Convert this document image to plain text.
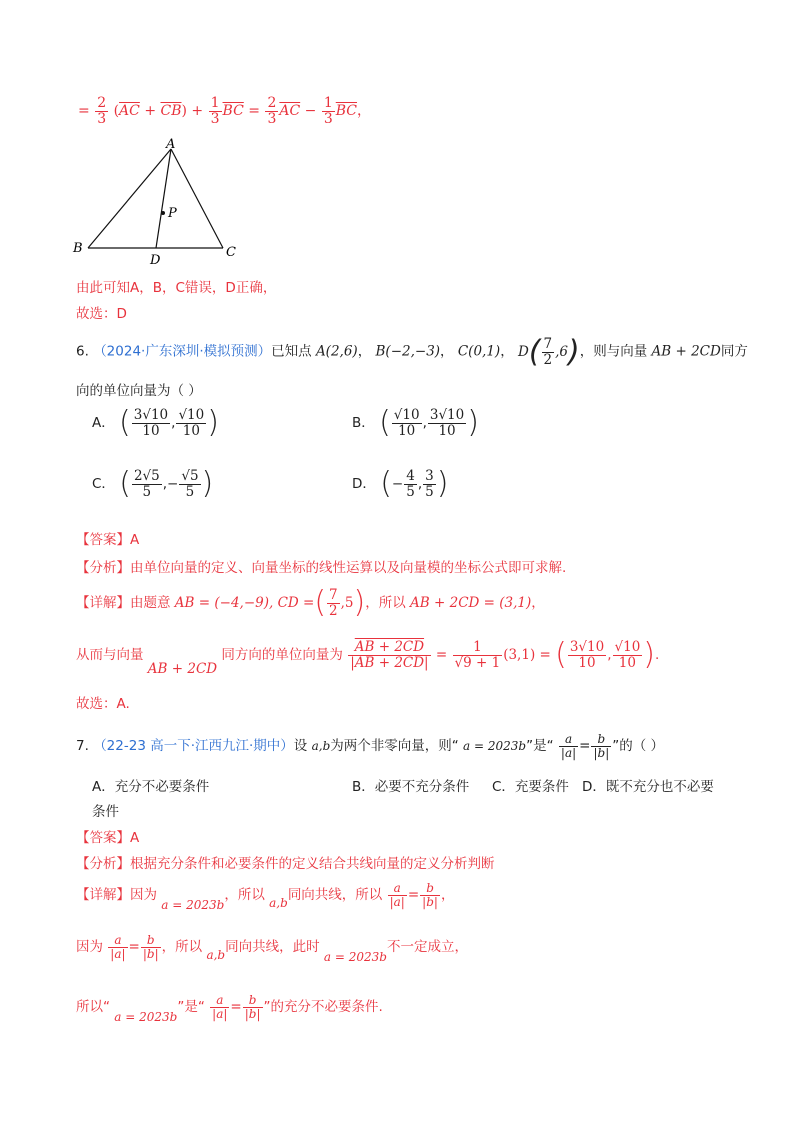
= $\frac{2}{3} (\overline{AC} + \overline{CB}) + \frac{1}{3} \overline{BC} = \frac{2}{3} \overline{AC} - \frac{1}{3} \overline{BC}$，
A
B	C
D
P
由此可知A，B，C错误，D正确，
故选：D
6. （2024·广东深圳·模拟预测）已知点 A(2,6)， B(−2,−3)， C(0,1)， $D( \frac{7}{2} ,6)$，则与向量 AB + 2CD同方
向的单位向量为（ ）
A． ( $\frac{3√10}{10}$ , $\frac{√10}{10}$ )	B． ( $\frac{√10}{10}$ , $\frac{3√10}{10}$ )
C． ( $\frac{2√5}{5}$ ,− $\frac{√5}{5}$ )	D． (− $\frac{4}{5}$ , $\frac{3}{5}$ )
【答案】A
【分析】由单位向量的定义、向量坐标的线性运算以及向量模的坐标公式即可求解.
【详解】由题意 AB = (−4,−9), CD =( $\frac{7}{2} ,5$)，所以 AB + 2CD = (3,1)，
从而与向量 AB + 2CD 同方向的单位向量为 $\frac{AB + 2CD}{|AB + 2CD|} = \frac{1}{√9 + 1} (3,1)$ = ( $\frac{3√10}{10}$ , $\frac{√10}{10}$ ).
故选：A.
7. （22-23 高一下·江西九江·期中）设 a,b为两个非零向量，则“ a = 2023b”是“ $\frac{a}{|a|} = \frac{b}{|b|}$ ”的（ ）
A．充分不必要条件	B．必要不充分条件 C．充要条件 D．既不充分也不必要
条件
【答案】A
【分析】根据充分条件和必要条件的定义结合共线向量的定义分析判断
【详解】因为 a = 2023b，所以 a,b同向共线，所以 $\frac{a}{|a|} = \frac{b}{|b|}$ ，
因为 $\frac{a}{|a|} = \frac{b}{|b|}$ ，所以 a,b同向共线，此时 a = 2023b不一定成立，
所以“ a = 2023b”是“ $\frac{a}{|a|} = \frac{b}{|b|}$ ”的充分不必要条件.
